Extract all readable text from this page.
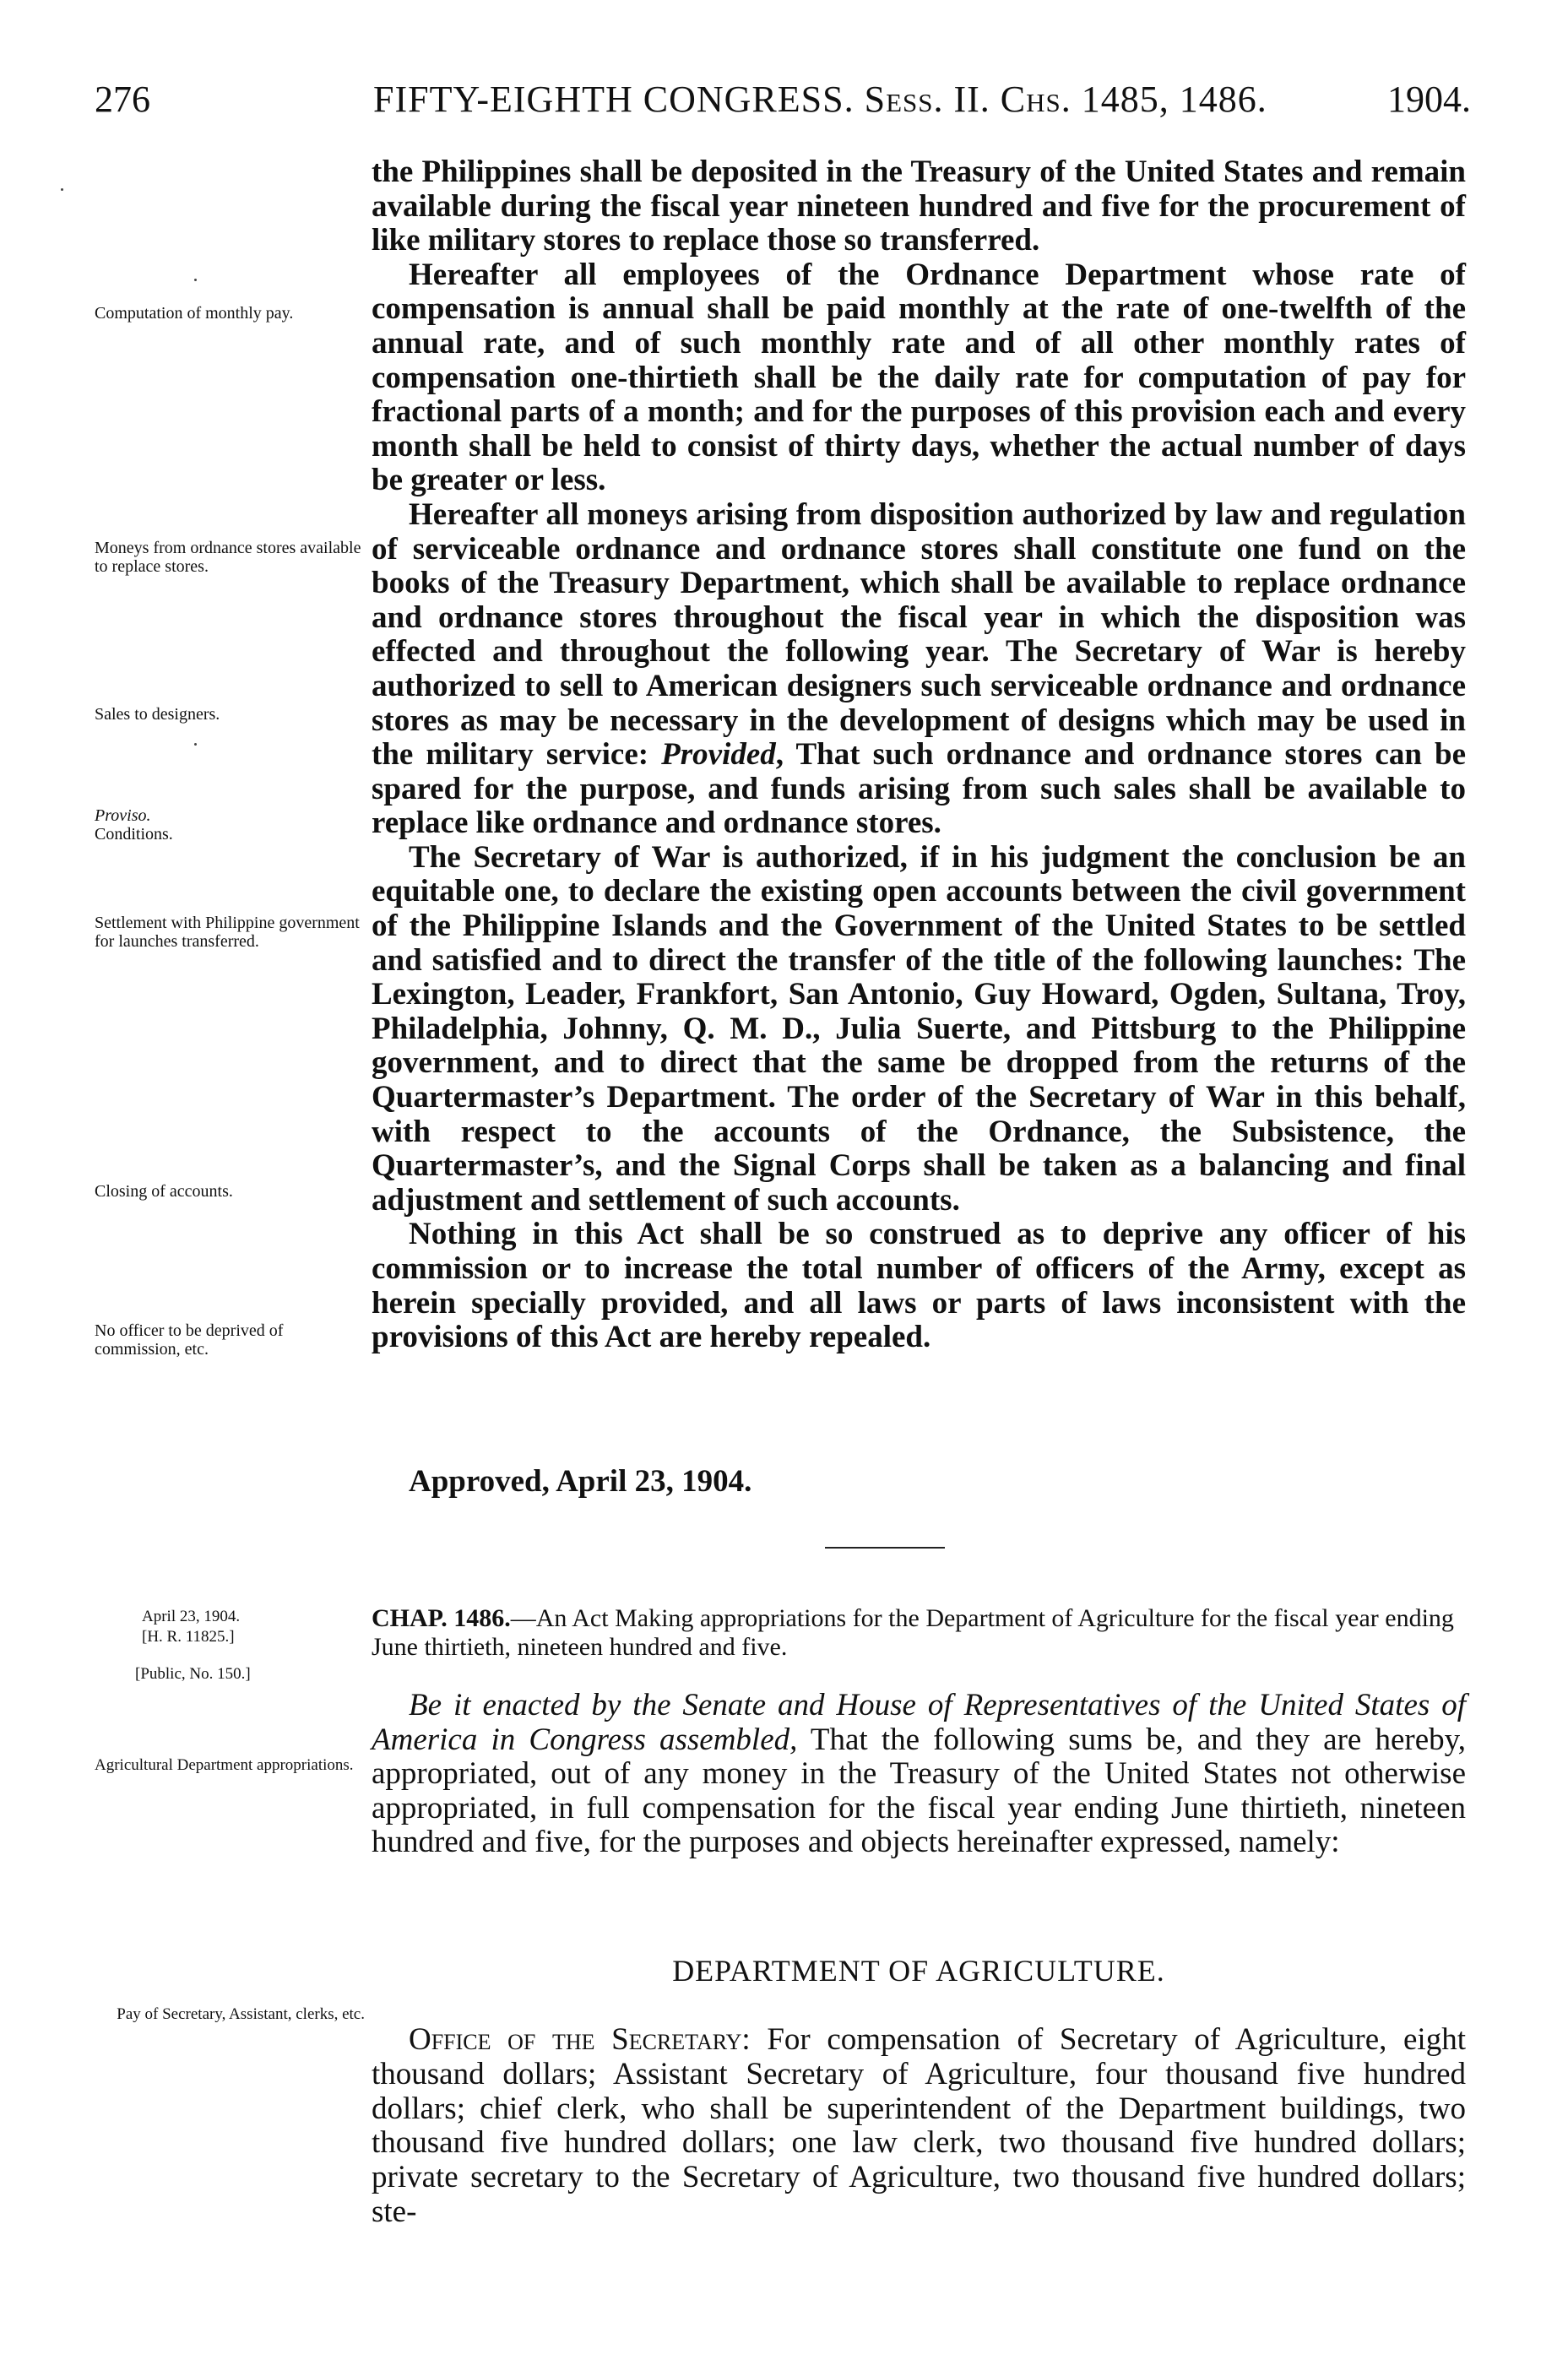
276	FIFTY-EIGHTH CONGRESS. Sess. II. Chs. 1485, 1486.	1904.
Computation of monthly pay.
Moneys from ordnance stores available to replace stores.
Sales to designers.
Proviso.
Conditions.
Settlement with Philippine government for launches transferred.
Closing of accounts.
No officer to be deprived of commission, etc.

the Philippines shall be deposited in the Treasury of the United States and remain available during the fiscal year nineteen hundred and five for the procurement of like military stores to replace those so transferred.

Hereafter all employees of the Ordnance Department whose rate of compensation is annual shall be paid monthly at the rate of one-twelfth of the annual rate, and of such monthly rate and of all other monthly rates of compensation one-thirtieth shall be the daily rate for computation of pay for fractional parts of a month; and for the purposes of this provision each and every month shall be held to consist of thirty days, whether the actual number of days be greater or less.

Hereafter all moneys arising from disposition authorized by law and regulation of serviceable ordnance and ordnance stores shall constitute one fund on the books of the Treasury Department, which shall be available to replace ordnance and ordnance stores throughout the fiscal year in which the disposition was effected and throughout the following year. The Secretary of War is hereby authorized to sell to American designers such serviceable ordnance and ordnance stores as may be necessary in the development of designs which may be used in the military service: Provided, That such ordnance and ordnance stores can be spared for the purpose, and funds arising from such sales shall be available to replace like ordnance and ordnance stores.

The Secretary of War is authorized, if in his judgment the conclusion be an equitable one, to declare the existing open accounts between the civil government of the Philippine Islands and the Government of the United States to be settled and satisfied and to direct the transfer of the title of the following launches: The Lexington, Leader, Frankfort, San Antonio, Guy Howard, Ogden, Sultana, Troy, Philadelphia, Johnny, Q. M. D., Julia Suerte, and Pittsburg to the Philippine government, and to direct that the same be dropped from the returns of the Quartermaster’s Department. The order of the Secretary of War in this behalf, with respect to the accounts of the Ordnance, the Subsistence, the Quartermaster’s, and the Signal Corps shall be taken as a balancing and final adjustment and settlement of such accounts.

Nothing in this Act shall be so construed as to deprive any officer of his commission or to increase the total number of officers of the Army, except as herein specially provided, and all laws or parts of laws inconsistent with the provisions of this Act are hereby repealed.

Approved, April 23, 1904.
April 23, 1904.
[H. R. 11825.]
[Public, No. 150.]
CHAP. 1486.—An Act Making appropriations for the Department of Agriculture for the fiscal year ending June thirtieth, nineteen hundred and five.
Agricultural Department appropriations.
Be it enacted by the Senate and House of Representatives of the United States of America in Congress assembled, That the following sums be, and they are hereby, appropriated, out of any money in the Treasury of the United States not otherwise appropriated, in full compensation for the fiscal year ending June thirtieth, nineteen hundred and five, for the purposes and objects hereinafter expressed, namely:
DEPARTMENT OF AGRICULTURE.
Pay of Secretary, Assistant, clerks, etc.
Office of the Secretary: For compensation of Secretary of Agriculture, eight thousand dollars; Assistant Secretary of Agriculture, four thousand five hundred dollars; chief clerk, who shall be superintendent of the Department buildings, two thousand five hundred dollars; one law clerk, two thousand five hundred dollars; private secretary to the Secretary of Agriculture, two thousand five hundred dollars; ste-
